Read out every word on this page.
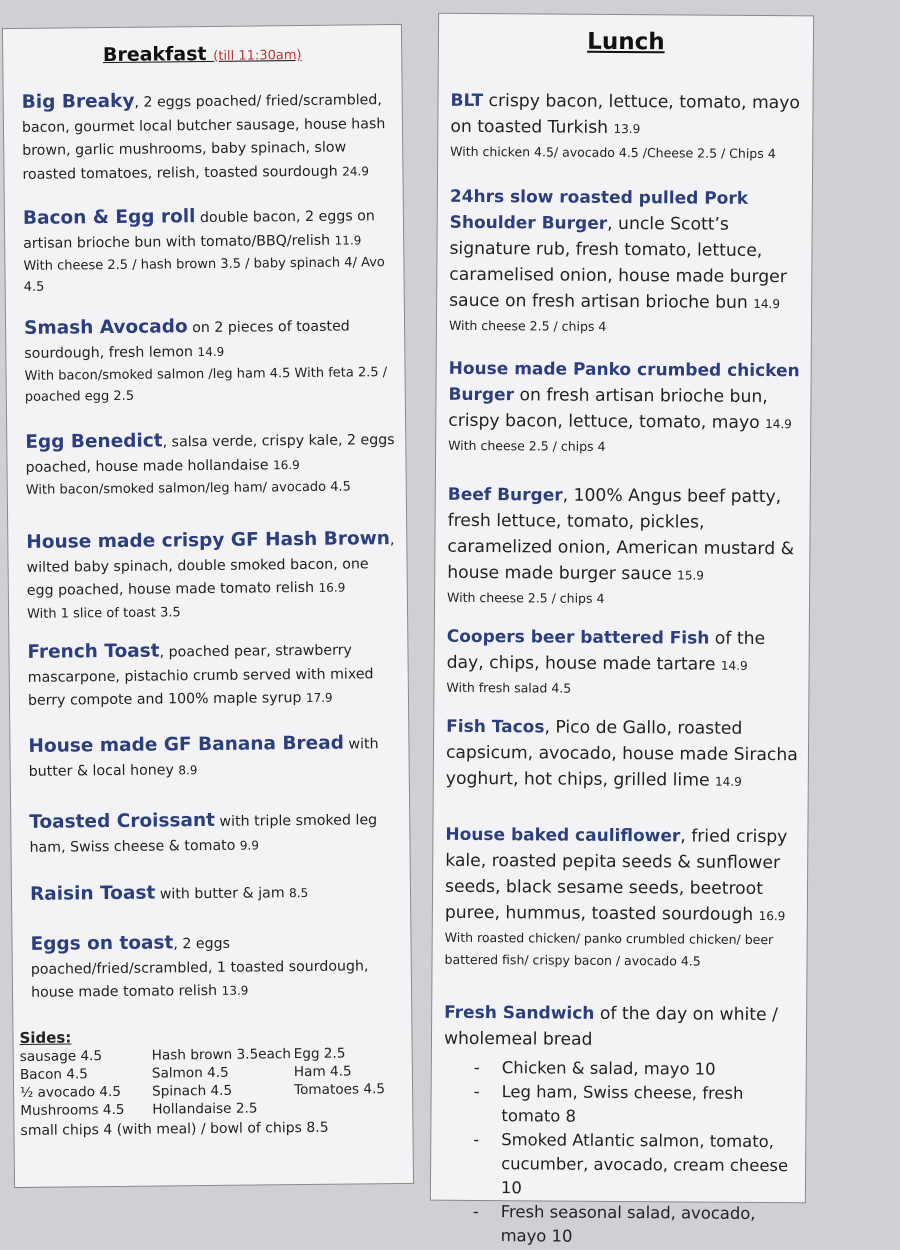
Breakfast (till 11:30am)
Big Breaky, 2 eggs poached/ fried/scrambled, bacon, gourmet local butcher sausage, house hash brown, garlic mushrooms, baby spinach, slow roasted tomatoes, relish, toasted sourdough 24.9
Bacon & Egg roll double bacon, 2 eggs on artisan brioche bun with tomato/BBQ/relish 11.9
With cheese 2.5 / hash brown 3.5 / baby spinach 4/ Avo 4.5
Smash Avocado on 2 pieces of toasted sourdough, fresh lemon 14.9
With bacon/smoked salmon /leg ham 4.5 With feta 2.5 / poached egg 2.5
Egg Benedict, salsa verde, crispy kale, 2 eggs poached, house made hollandaise 16.9
With bacon/smoked salmon/leg ham/ avocado 4.5
House made crispy GF Hash Brown, wilted baby spinach, double smoked bacon, one egg poached, house made tomato relish 16.9
With 1 slice of toast 3.5
French Toast, poached pear, strawberry mascarpone, pistachio crumb served with mixed berry compote and 100% maple syrup 17.9
House made GF Banana Bread with butter & local honey 8.9
Toasted Croissant with triple smoked leg ham, Swiss cheese & tomato 9.9
Raisin Toast with butter & jam 8.5
Eggs on toast, 2 eggs poached/fried/scrambled, 1 toasted sourdough, house made tomato relish 13.9
Sides:
sausage 4.5	Hash brown 3.5each Egg 2.5
Bacon 4.5	Salmon 4.5	Ham 4.5
½ avocado 4.5	Spinach 4.5	Tomatoes 4.5
Mushrooms 4.5	Hollandaise 2.5
small chips 4 (with meal) / bowl of chips 8.5
Lunch
BLT crispy bacon, lettuce, tomato, mayo on toasted Turkish 13.9
With chicken 4.5/ avocado 4.5 /Cheese 2.5 / Chips 4
24hrs slow roasted pulled Pork Shoulder Burger, uncle Scott’s signature rub, fresh tomato, lettuce, caramelised onion, house made burger sauce on fresh artisan brioche bun 14.9
With cheese 2.5 / chips 4
House made Panko crumbed chicken Burger on fresh artisan brioche bun, crispy bacon, lettuce, tomato, mayo 14.9
With cheese 2.5 / chips 4
Beef Burger, 100% Angus beef patty, fresh lettuce, tomato, pickles, caramelized onion, American mustard & house made burger sauce 15.9
With cheese 2.5 / chips 4
Coopers beer battered Fish of the day, chips, house made tartare 14.9
With fresh salad 4.5
Fish Tacos, Pico de Gallo, roasted capsicum, avocado, house made Siracha yoghurt, hot chips, grilled lime 14.9
House baked cauliflower, fried crispy kale, roasted pepita seeds & sunflower seeds, black sesame seeds, beetroot puree, hummus, toasted sourdough 16.9
With roasted chicken/ panko crumbled chicken/ beer battered fish/ crispy bacon / avocado 4.5
Fresh Sandwich of the day on white / wholemeal bread
- Chicken & salad, mayo 10
- Leg ham, Swiss cheese, fresh tomato 8
- Smoked Atlantic salmon, tomato, cucumber, avocado, cream cheese 10
- Fresh seasonal salad, avocado, mayo 10
